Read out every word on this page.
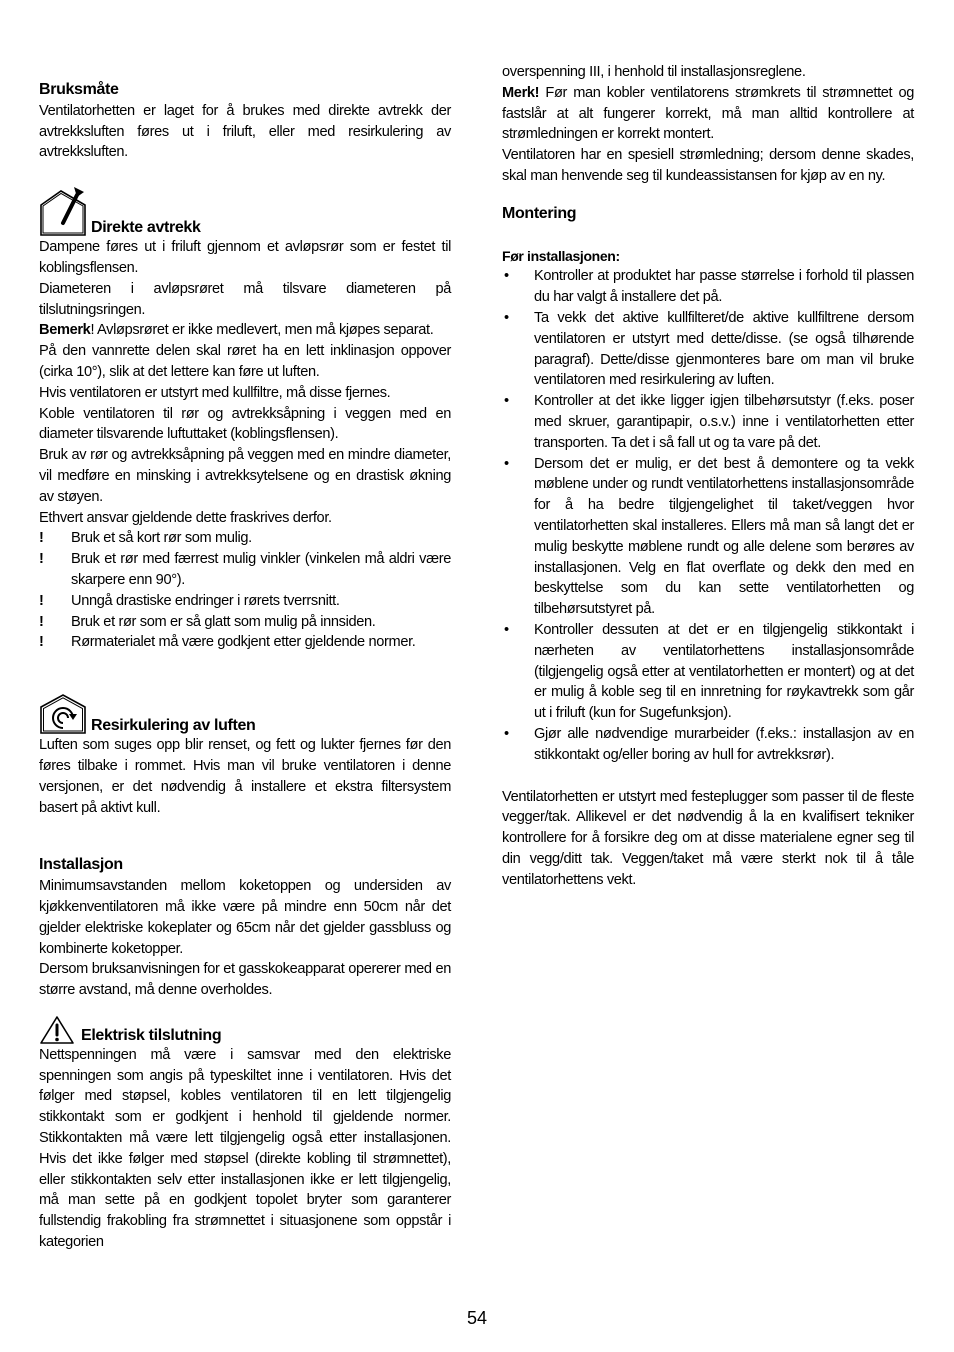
Bruksmåte

Ventilatorhetten er laget for å brukes med direkte avtrekk der avtrekksluften føres ut i friluft, eller med resirkulering av avtrekksluften.

Direkte avtrekk

Dampene føres ut i friluft gjennom et avløpsrør som er festet til koblingsflensen.

Diameteren i avløpsrøret må tilsvare diameteren på tilslutningsringen.

Bemerk! Avløpsrøret er ikke medlevert, men må kjøpes separat.

På den vannrette delen skal røret ha en lett inklinasjon oppover (cirka 10°), slik at det lettere kan føre ut luften.

Hvis ventilatoren er utstyrt med kullfiltre, må disse fjernes.

Koble ventilatoren til rør og avtrekksåpning i veggen med en diameter tilsvarende luftuttaket (koblingsflensen).

Bruk av rør og avtrekksåpning på veggen med en mindre diameter, vil medføre en minsking i avtrekksytelsene og en drastisk økning av støyen.

Ethvert ansvar gjeldende dette fraskrives derfor.

! Bruk et så kort rør som mulig.
! Bruk et rør med færrest mulig vinkler (vinkelen må aldri være skarpere enn 90°).
! Unngå drastiske endringer i rørets tverrsnitt.
! Bruk et rør som er så glatt som mulig på innsiden.
! Rørmaterialet må være godkjent etter gjeldende normer.

Resirkulering av luften

Luften som suges opp blir renset, og fett og lukter fjernes før den føres tilbake i rommet. Hvis man vil bruke ventilatoren i denne versjonen, er det nødvendig å installere et ekstra filtersystem basert på aktivt kull.

Installasjon

Minimumsavstanden mellom koketoppen og undersiden av kjøkkenventilatoren må ikke være på mindre enn 50cm når det gjelder elektriske kokeplater og 65cm når det gjelder gassbluss og kombinerte koketopper.

Dersom bruksanvisningen for et gasskokeapparat opererer med en større avstand, må denne overholdes.

Elektrisk tilslutning

Nettspenningen må være i samsvar med den elektriske spenningen som angis på typeskiltet inne i ventilatoren. Hvis det følger med støpsel, kobles ventilatoren til en lett tilgjengelig stikkontakt som er godkjent i henhold til gjeldende normer. Stikkontakten må være lett tilgjengelig også etter installasjonen. Hvis det ikke følger med støpsel (direkte kobling til strømnettet), eller stikkontakten selv etter installasjonen ikke er lett tilgjengelig, må man sette på en godkjent topolet bryter som garanterer fullstendig frakobling fra strømnettet i situasjonene som oppstår i kategorien

overspenning III, i henhold til installasjonsreglene.

Merk! Før man kobler ventilatorens strømkrets til strømnettet og fastslår at alt fungerer korrekt, må man alltid kontrollere at strømledningen er korrekt montert.

Ventilatoren har en spesiell strømledning; dersom denne skades, skal man henvende seg til kundeassistansen for kjøp av en ny.

Montering

Før installasjonen:

• Kontroller at produktet har passe størrelse i forhold til plassen du har valgt å installere det på.
• Ta vekk det aktive kullfilteret/de aktive kullfiltrene dersom ventilatoren er utstyrt med dette/disse. (se også tilhørende paragraf). Dette/disse gjenmonteres bare om man vil bruke ventilatoren med resirkulering av luften.
• Kontroller at det ikke ligger igjen tilbehørsutstyr (f.eks. poser med skruer, garantipapir, o.s.v.) inne i ventilatorhetten etter transporten. Ta det i så fall ut og ta vare på det.
• Dersom det er mulig, er det best å demontere og ta vekk møblene under og rundt ventilatorhettens installasjonsområde for å ha bedre tilgjengelighet til taket/veggen hvor ventilatorhetten skal installeres. Ellers må man så langt det er mulig beskytte møblene rundt og alle delene som berøres av installasjonen. Velg en flat overflate og dekk den med en beskyttelse som du kan sette ventilatorhetten og tilbehørsutstyret på.
• Kontroller dessuten at det er en tilgjengelig stikkontakt i nærheten av ventilatorhettens installasjonsområde (tilgjengelig også etter at ventilatorhetten er montert) og at det er mulig å koble seg til en innretning for røykavtrekk som går ut i friluft (kun for Sugefunksjon).
• Gjør alle nødvendige murarbeider (f.eks.: installasjon av en stikkontakt og/eller boring av hull for avtrekksrør).

Ventilatorhetten er utstyrt med festeplugger som passer til de fleste vegger/tak. Allikevel er det nødvendig å la en kvalifisert tekniker kontrollere for å forsikre deg om at disse materialene egner seg til din vegg/ditt tak. Veggen/taket må være sterkt nok til å tåle ventilatorhettens vekt.

54
